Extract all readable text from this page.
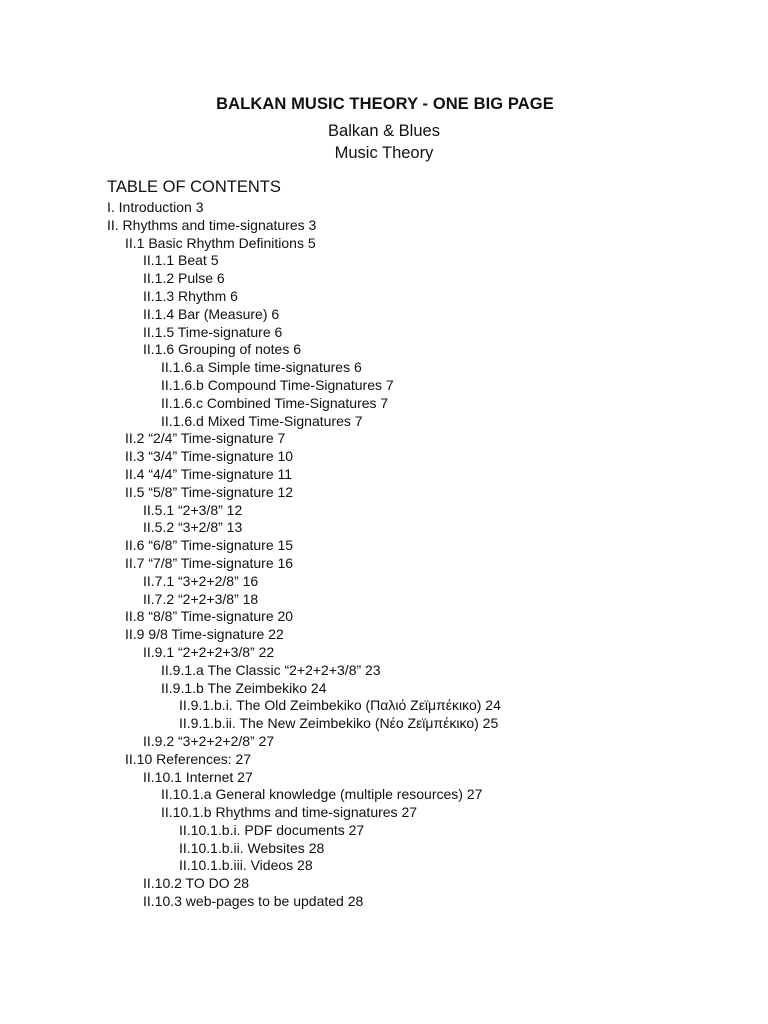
BALKAN MUSIC THEORY - ONE BIG PAGE
Balkan & Blues
Music Theory
TABLE OF CONTENTS
I. Introduction 3
II. Rhythms and time-signatures 3
II.1 Basic Rhythm Definitions 5
II.1.1 Beat 5
II.1.2 Pulse 6
II.1.3 Rhythm 6
II.1.4 Bar (Measure) 6
II.1.5 Time-signature 6
II.1.6 Grouping of notes 6
II.1.6.a Simple time-signatures 6
II.1.6.b Compound Time-Signatures 7
II.1.6.c Combined Time-Signatures 7
II.1.6.d Mixed Time-Signatures 7
II.2 “2/4” Time-signature 7
II.3 “3/4” Time-signature 10
II.4 “4/4” Time-signature 11
II.5 “5/8” Time-signature 12
II.5.1 “2+3/8” 12
II.5.2 “3+2/8” 13
II.6 “6/8” Time-signature 15
II.7 “7/8” Time-signature 16
II.7.1 “3+2+2/8” 16
II.7.2 “2+2+3/8” 18
II.8 “8/8” Time-signature 20
II.9 9/8 Time-signature 22
II.9.1 “2+2+2+3/8” 22
II.9.1.a The Classic “2+2+2+3/8” 23
II.9.1.b The Zeimbekiko 24
II.9.1.b.i. The Old Zeimbekiko (Παλιό Ζεϊμπέκικο) 24
II.9.1.b.ii. The New Zeimbekiko (Νέο Ζεϊμπέκικο) 25
II.9.2 “3+2+2+2/8” 27
II.10 References: 27
II.10.1 Internet 27
II.10.1.a General knowledge (multiple resources) 27
II.10.1.b Rhythms and time-signatures 27
II.10.1.b.i. PDF documents 27
II.10.1.b.ii. Websites 28
II.10.1.b.iii. Videos 28
II.10.2 TO DO 28
II.10.3 web-pages to be updated 28
